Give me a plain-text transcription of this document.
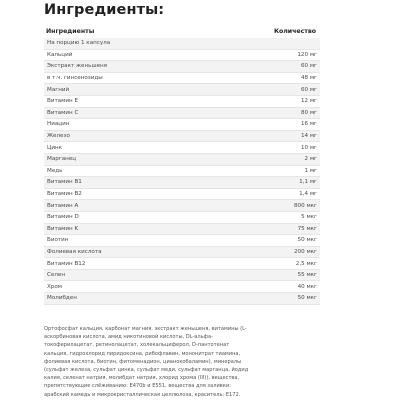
Ингредиенты:
Ингредиенты	Количество
На порцию 1 капсула
Кальций	120 мг
Экстракт женьшеня	60 мг
в т.ч. гинсенозиды	48 мг
Магний	60 мг
Витамин E	12 мг
Витамин C	80 мг
Ниацин	16 мг
Железо	14 мг
Цинк	10 мг
Марганец	2 мг
Медь	1 мг
Витамин B1	1,1 мг
Витамин B2	1,4 мг
Витамин A	800 мкг
Витамин D	5 мкг
Витамин K	75 мкг
Биотин	50 мкг
Фолиевая кислота	200 мкг
Витамин B12	2,5 мкг
Селен	55 мкг
Хром	40 мкг
Молибден	50 мкг
Ортофосфат кальция, карбонат магния, экстракт женьшеня, витамины (L-
аскорбиновая кислота, амид никотиновой кислоты, DL-альфа-
токоферилацетат, ретинолацетат, холекальциферол, D-пантотенат
кальция, гидрохлорид пиридоксина, рибофлавин, мононитрат тиамина,
фолиевая кислота, биотин, фитоменадион, цианокобаламин), минералы
(сульфат железа, сульфат цинка, сульфат меди, сульфат марганца, йодид
калия, селенат натрия, молибдат натрия, хлорид хрома (III)), вещества,
препятствующие слёживанию: E470b и E551, вещества для заливки:
арабский камедь и микрокристаллическая целлюлоза, краситель: E172.
